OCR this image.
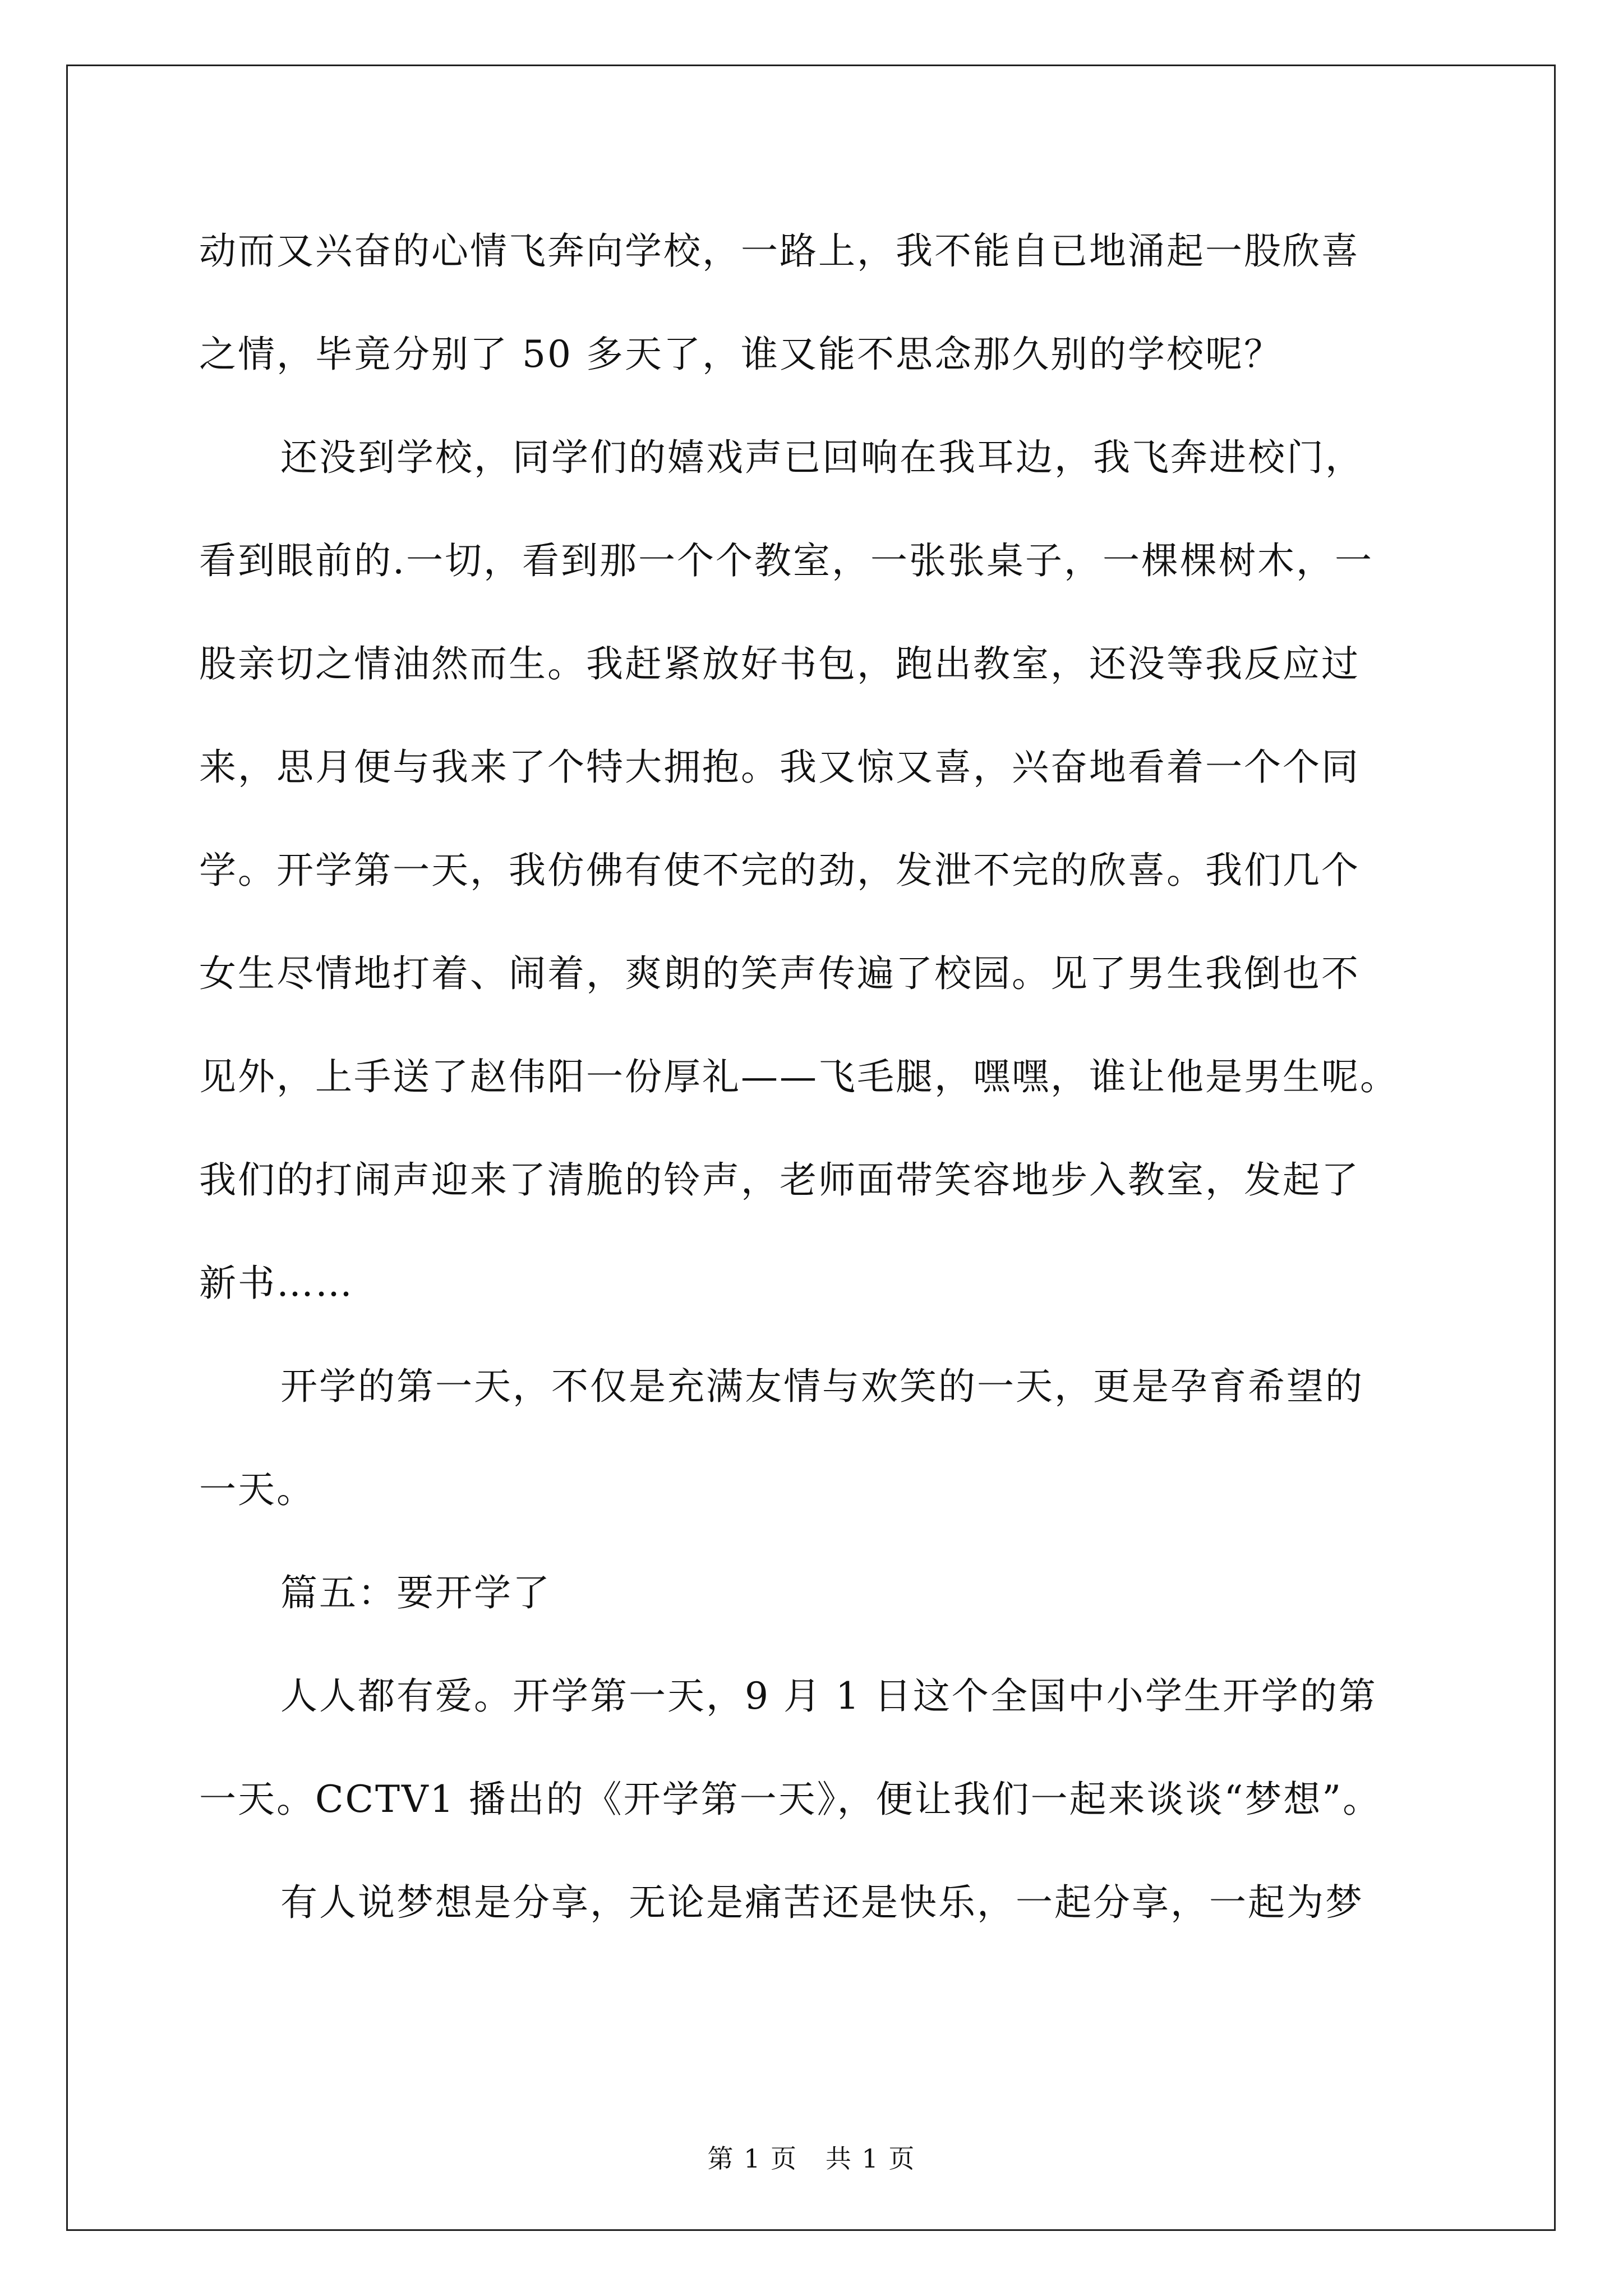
动而又兴奋的心情飞奔向学校，一路上，我不能自已地涌起一股欣喜
之情，毕竟分别了 50 多天了，谁又能不思念那久别的学校呢？
还没到学校，同学们的嬉戏声已回响在我耳边，我飞奔进校门，
看到眼前的.一切，看到那一个个教室，一张张桌子，一棵棵树木，一
股亲切之情油然而生。我赶紧放好书包，跑出教室，还没等我反应过
来，思月便与我来了个特大拥抱。我又惊又喜，兴奋地看着一个个同
学。开学第一天，我仿佛有使不完的劲，发泄不完的欣喜。我们几个
女生尽情地打着、闹着，爽朗的笑声传遍了校园。见了男生我倒也不
见外，上手送了赵伟阳一份厚礼——飞毛腿，嘿嘿，谁让他是男生呢。
我们的打闹声迎来了清脆的铃声，老师面带笑容地步入教室，发起了
新书……
开学的第一天，不仅是充满友情与欢笑的一天，更是孕育希望的
一天。
篇五：要开学了
人人都有爱。开学第一天，9 月 1 日这个全国中小学生开学的第
一天。CCTV1 播出的《开学第一天》，便让我们一起来谈谈“梦想”。
有人说梦想是分享，无论是痛苦还是快乐，一起分享，一起为梦
第 1 页   共 1 页
